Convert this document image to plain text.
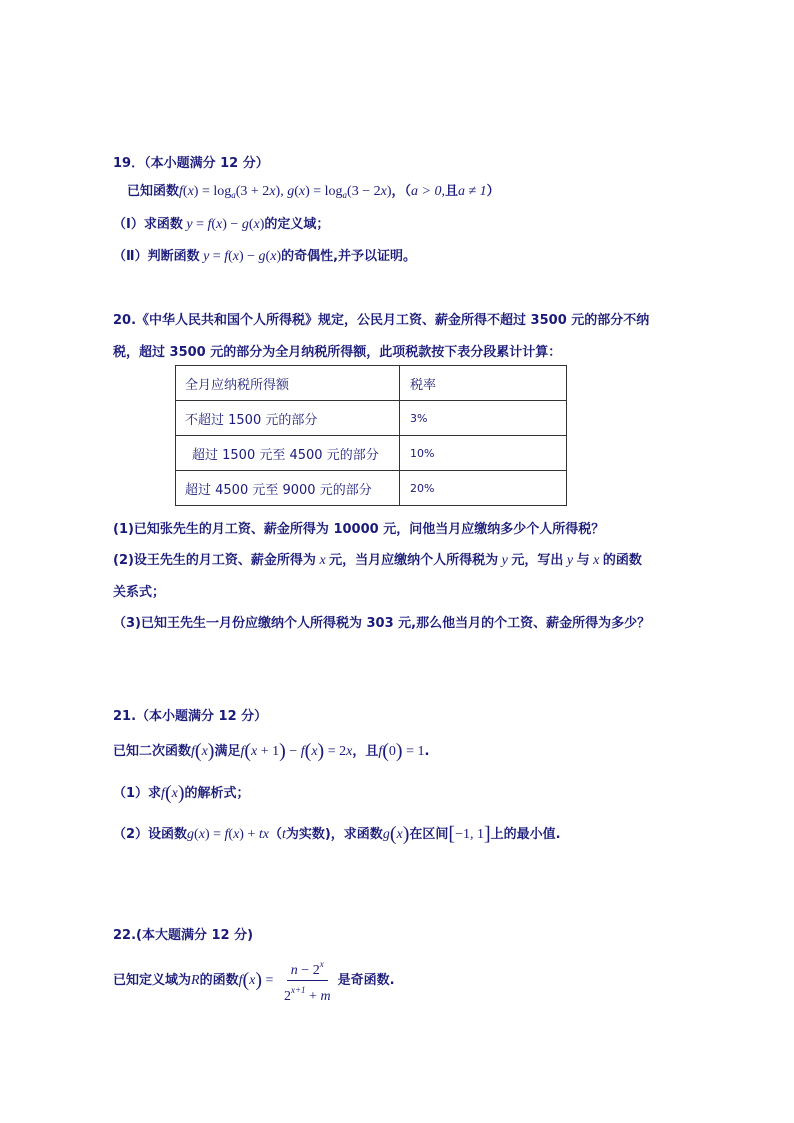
19．（本小题满分 12 分）
已知函数$f(x) = \log_a(3 + 2x)$, $g(x) = \log_a(3 - 2x)$，（a > 0,且a ≠ 1）
（Ⅰ）求函数 y = f(x) − g(x)的定义域；
（Ⅱ）判断函数 y = f(x) − g(x)的奇偶性,并予以证明。
20.《中华人民共和国个人所得税》规定，公民月工资、薪金所得不超过 3500 元的部分不纳
税，超过 3500 元的部分为全月纳税所得额，此项税款按下表分段累计计算：
全月应纳税所得额	税率
不超过 1500 元的部分	3%
超过 1500 元至 4500 元的部分	10%
超过 4500 元至 9000 元的部分	20%
(1)已知张先生的月工资、薪金所得为 10000 元，问他当月应缴纳多少个人所得税？
(2)设王先生的月工资、薪金所得为 x 元，当月应缴纳个人所得税为 y 元，写出 y 与 x 的函数
关系式；
（3)已知王先生一月份应缴纳个人所得税为 303 元,那么他当月的个工资、薪金所得为多少？
21.（本小题满分 12 分）
已知二次函数f(x)满足f(x + 1) − f(x) = 2x，且f(0) = 1.
（1）求f(x)的解析式；
（2）设函数g(x) = f(x) + tx（t为实数)，求函数g(x)在区间[−1, 1]上的最小值.
22.(本大题满分 12 分)
已知定义域为R的函数$f(x) = \frac{n - 2^x}{2^{x+1} + m}$ 是奇函数.
